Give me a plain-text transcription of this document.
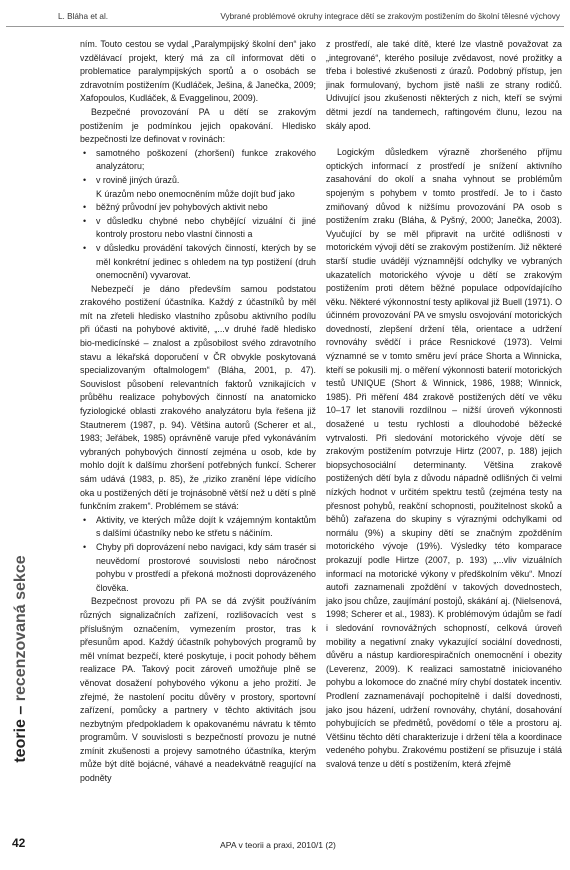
L. Bláha et al.	Vybrané problémové okruhy integrace dětí se zrakovým postižením do školní tělesné výchovy
teorie – recenzovaná sekce

ním. Touto cestou se vydal „Paralympijský školní den“ jako vzdělávací projekt, který má za cíl informovat děti o problematice paralympijských sportů a o osobách se zdravotním postižením (Kudláček, Ješina, & Janečka, 2009; Xafopoulos, Kudláček, & Evaggelinou, 2009).

Bezpečné provozování PA u dětí se zrakovým postižením je podmínkou jejich opakování. Hledisko bezpečnosti lze definovat v rovinách:

• samotného poškození (zhoršení) funkce zrakového analyzátoru;
• v rovině jiných úrazů.
K úrazům nebo onemocněním může dojít buď jako
• běžný průvodní jev pohybových aktivit nebo
• v důsledku chybné nebo chybějící vizuální či jiné kontroly prostoru nebo vlastní činnosti a
• v důsledku provádění takových činností, kterých by se měl konkrétní jedinec s ohledem na typ postižení (druh onemocnění) vyvarovat.

Nebezpečí je dáno především samou podstatou zrakového postižení účastníka. Každý z účastníků by měl mít na zřeteli hledisko vlastního způsobu aktivního podílu při účasti na pohybové aktivitě, „...v druhé řadě hledisko bio-medicínské – znalost a způsobilost svého zdravotního stavu a lékařská doporučení v ČR obvykle poskytovaná specializovaným oftalmologem“ (Bláha, 2001, p. 47). Souvislost působení relevantních faktorů vznikajících v průběhu realizace pohybových činností na anatomicko fyziologické oblasti zrakového analyzátoru byla řešena již Stautnerem (1987, p. 94). Většina autorů (Scherer et al., 1983; Jeřábek, 1985) oprávněně varuje před vykonáváním vybraných pohybových činností zejména u osob, kde by mohlo dojít k dalšímu zhoršení potřebných funkcí. Scherer sám udává (1983, p. 85), že „riziko zranění lépe vidícího oka u postižených dětí je trojnásobně větší než u dětí s plně funkčním zrakem“. Problémem se stává:

• Aktivity, ve kterých může dojít k vzájemným kontaktům s dalšími účastníky nebo ke střetu s náčiním.
• Chyby při doprovázení nebo navigaci, kdy sám trasér si neuvědomí prostorové souvislosti nebo náročnost pohybu v prostředí a překoná možnosti doprovázeného člověka.

Bezpečnost provozu při PA se dá zvýšit používáním různých signalizačních zařízení, rozlišovacích vest s příslušným označením, vymezením prostor, tras k přesunům apod. Každý účastník pohybových programů by měl vnímat bezpečí, které poskytuje, i pocit pohody během realizace PA. Takový pocit zároveň umožňuje plně se věnovat dosažení pohybového výkonu a jeho prožití. Je zřejmé, že nastolení pocitu důvěry v prostory, sportovní zařízení, pomůcky a partnery v těchto aktivitách jsou nezbytným předpokladem k opakovanému návratu k těmto programům. V souvislosti s bezpečností provozu je nutné zmínit zkušenosti a projevy samotného účastníka, kterým může být dítě bojácné, váhavé a neadekvátně reagující na podněty

z prostředí, ale také dítě, které lze vlastně považovat za „integrované“, kterého posiluje zvědavost, nové prožitky a třeba i bolestivé zkušenosti z úrazů. Podobný přístup, jen jinak formulovaný, bychom jistě našli ze strany rodičů. Udivující jsou zkušenosti některých z nich, kteří se svými dětmi jezdí na tandemech, raftingovém člunu, lezou na skály apod.

Logickým důsledkem výrazně zhoršeného příjmu optických informací z prostředí je snížení aktivního zasahování do okolí a snaha vyhnout se problémům spojeným s pohybem v tomto prostředí. Je to i často zmiňovaný důvod k nižšímu provozování PA osob s postižením zraku (Bláha, & Pyšný, 2000; Janečka, 2003). Vyučující by se měl připravit na určité odlišnosti v motorickém vývoji dětí se zrakovým postižením. Již některé starší studie uvádějí významnější odchylky ve vybraných ukazatelích motorického vývoje u dětí se zrakovým postižením proti dětem běžné populace odpovídajícího věku. Některé výkonnostní testy aplikoval již Buell (1971). O účinném provozování PA ve smyslu osvojování motorických dovedností, zlepšení držení těla, orientace a udržení rovnováhy svědčí i práce Resnickové (1973). Velmi významné se v tomto směru jeví práce Shorta a Winnicka, kteří se pokusili mj. o měření výkonnosti baterií motorických testů UNIQUE (Short & Winnick, 1986, 1988; Winnick, 1985). Při měření 484 zrakově postižených dětí ve věku 10–17 let stanovili rozdílnou – nižší úroveň výkonnosti dosažené u testu rychlosti a dlouhodobé běžecké vytrvalosti. Při sledování motorického vývoje dětí se zrakovým postižením potvrzuje Hirtz (2007, p. 188) jejich biopsychosociální determinanty. Většina zrakově postižených dětí byla z důvodu nápadně odlišných či velmi nízkých hodnot v určitém spektru testů (zejména testy na přesnost pohybů, reakční schopnosti, použitelnost skoků a běhů) zařazena do skupiny s výraznými odchylkami od normálu (9%) a skupiny dětí se značným zpožděním motorického vývoje (19%). Výsledky této komparace prokazují podle Hirtze (2007, p. 193) „...vliv vizuálních informací na motorické výkony v předškolním věku“. Mnozí autoři zaznamenali zpoždění v takových dovednostech, jako jsou chůze, zaujímání postojů, skákání aj. (Nielsenová, 1998; Scherer et al., 1983). K problémovým údajům se řadí i sledování rovnovážných schopností, celková úroveň mobility a negativní znaky vykazující sociální dovednosti, důvěru a nástup kardiorespiračních onemocnění i obezity (Leverenz, 2009). K realizaci samostatně iniciovaného pohybu a lokomoce do značné míry chybí dostatek incentiv. Prodlení zaznamenávají pochopitelně i další dovednosti, jako jsou házení, udržení rovnováhy, chytání, dosahování pohybujících se předmětů, povědomí o těle a prostoru aj. Většinu těchto dětí charakterizuje i držení těla a koordinace vedeného pohybu. Zrakovému postižení se přisuzuje i stálá svalová tenze u dětí s postižením, která zřejmě

42	APA v teorii a praxi, 2010/1 (2)
